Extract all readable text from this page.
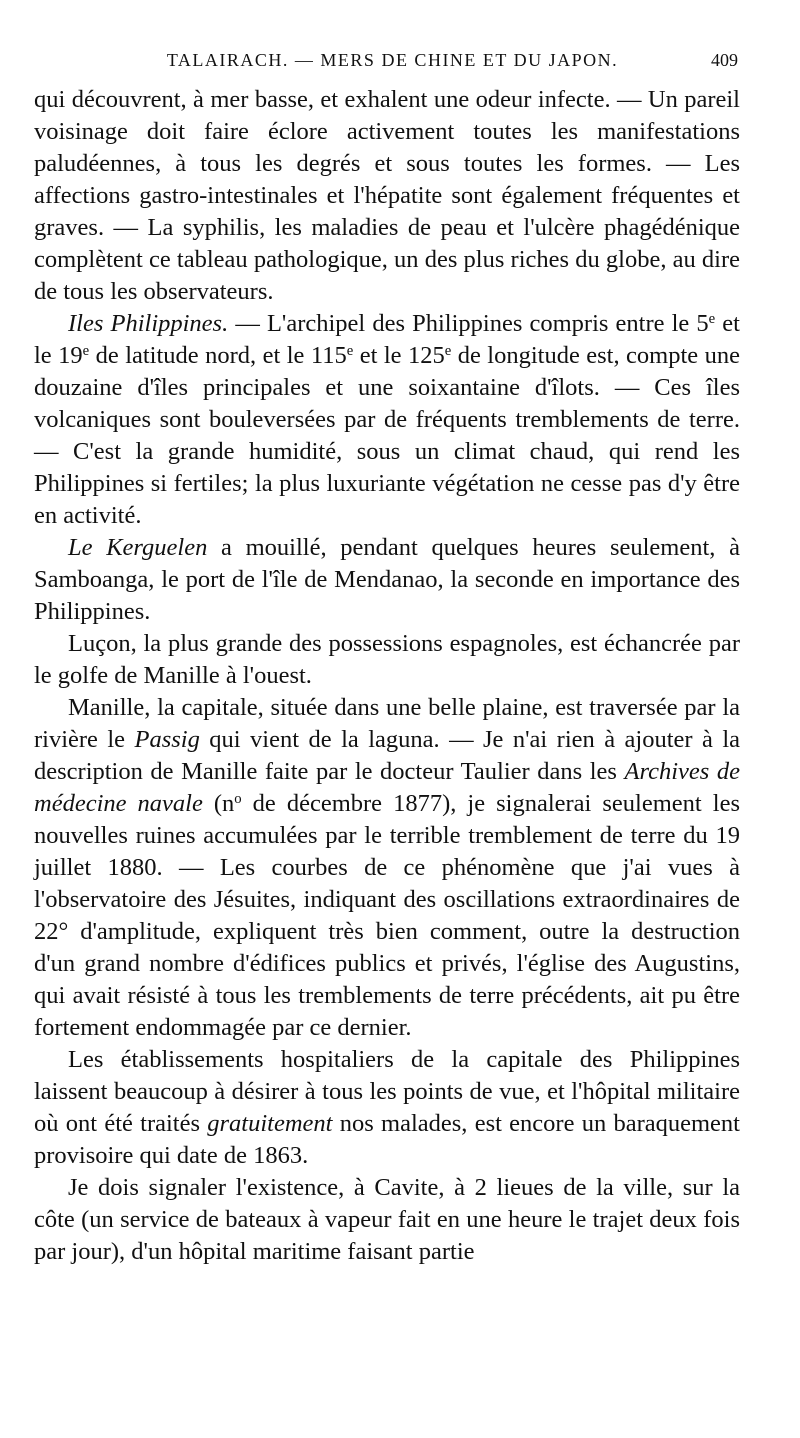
TALAIRACH. — MERS DE CHINE ET DU JAPON.	409

qui découvrent, à mer basse, et exhalent une odeur infecte. — Un pareil voisinage doit faire éclore activement toutes les manifestations paludéennes, à tous les degrés et sous toutes les formes. — Les affections gastro-intestinales et l'hépatite sont également fréquentes et graves. — La syphilis, les maladies de peau et l'ulcère phagédénique complètent ce tableau pathologique, un des plus riches du globe, au dire de tous les observateurs.

Iles Philippines. — L'archipel des Philippines compris entre le 5e et le 19e de latitude nord, et le 115e et le 125e de longitude est, compte une douzaine d'îles principales et une soixantaine d'îlots. — Ces îles volcaniques sont bouleversées par de fréquents tremblements de terre. — C'est la grande humidité, sous un climat chaud, qui rend les Philippines si fertiles; la plus luxuriante végétation ne cesse pas d'y être en activité.

Le Kerguelen a mouillé, pendant quelques heures seulement, à Samboanga, le port de l'île de Mendanao, la seconde en importance des Philippines.

Luçon, la plus grande des possessions espagnoles, est échancrée par le golfe de Manille à l'ouest.

Manille, la capitale, située dans une belle plaine, est traversée par la rivière le Passig qui vient de la laguna. — Je n'ai rien à ajouter à la description de Manille faite par le docteur Taulier dans les Archives de médecine navale ($n^o$ de décembre 1877), je signalerai seulement les nouvelles ruines accumulées par le terrible tremblement de terre du 19 juillet 1880. — Les courbes de ce phénomène que j'ai vues à l'observatoire des Jésuites, indiquant des oscillations extraordinaires de 22° d'amplitude, expliquent très bien comment, outre la destruction d'un grand nombre d'édifices publics et privés, l'église des Augustins, qui avait résisté à tous les tremblements de terre précédents, ait pu être fortement endommagée par ce dernier.

Les établissements hospitaliers de la capitale des Philippines laissent beaucoup à désirer à tous les points de vue, et l'hôpital militaire où ont été traités gratuitement nos malades, est encore un baraquement provisoire qui date de 1863.

Je dois signaler l'existence, à Cavite, à 2 lieues de la ville, sur la côte (un service de bateaux à vapeur fait en une heure le trajet deux fois par jour), d'un hôpital maritime faisant partie
